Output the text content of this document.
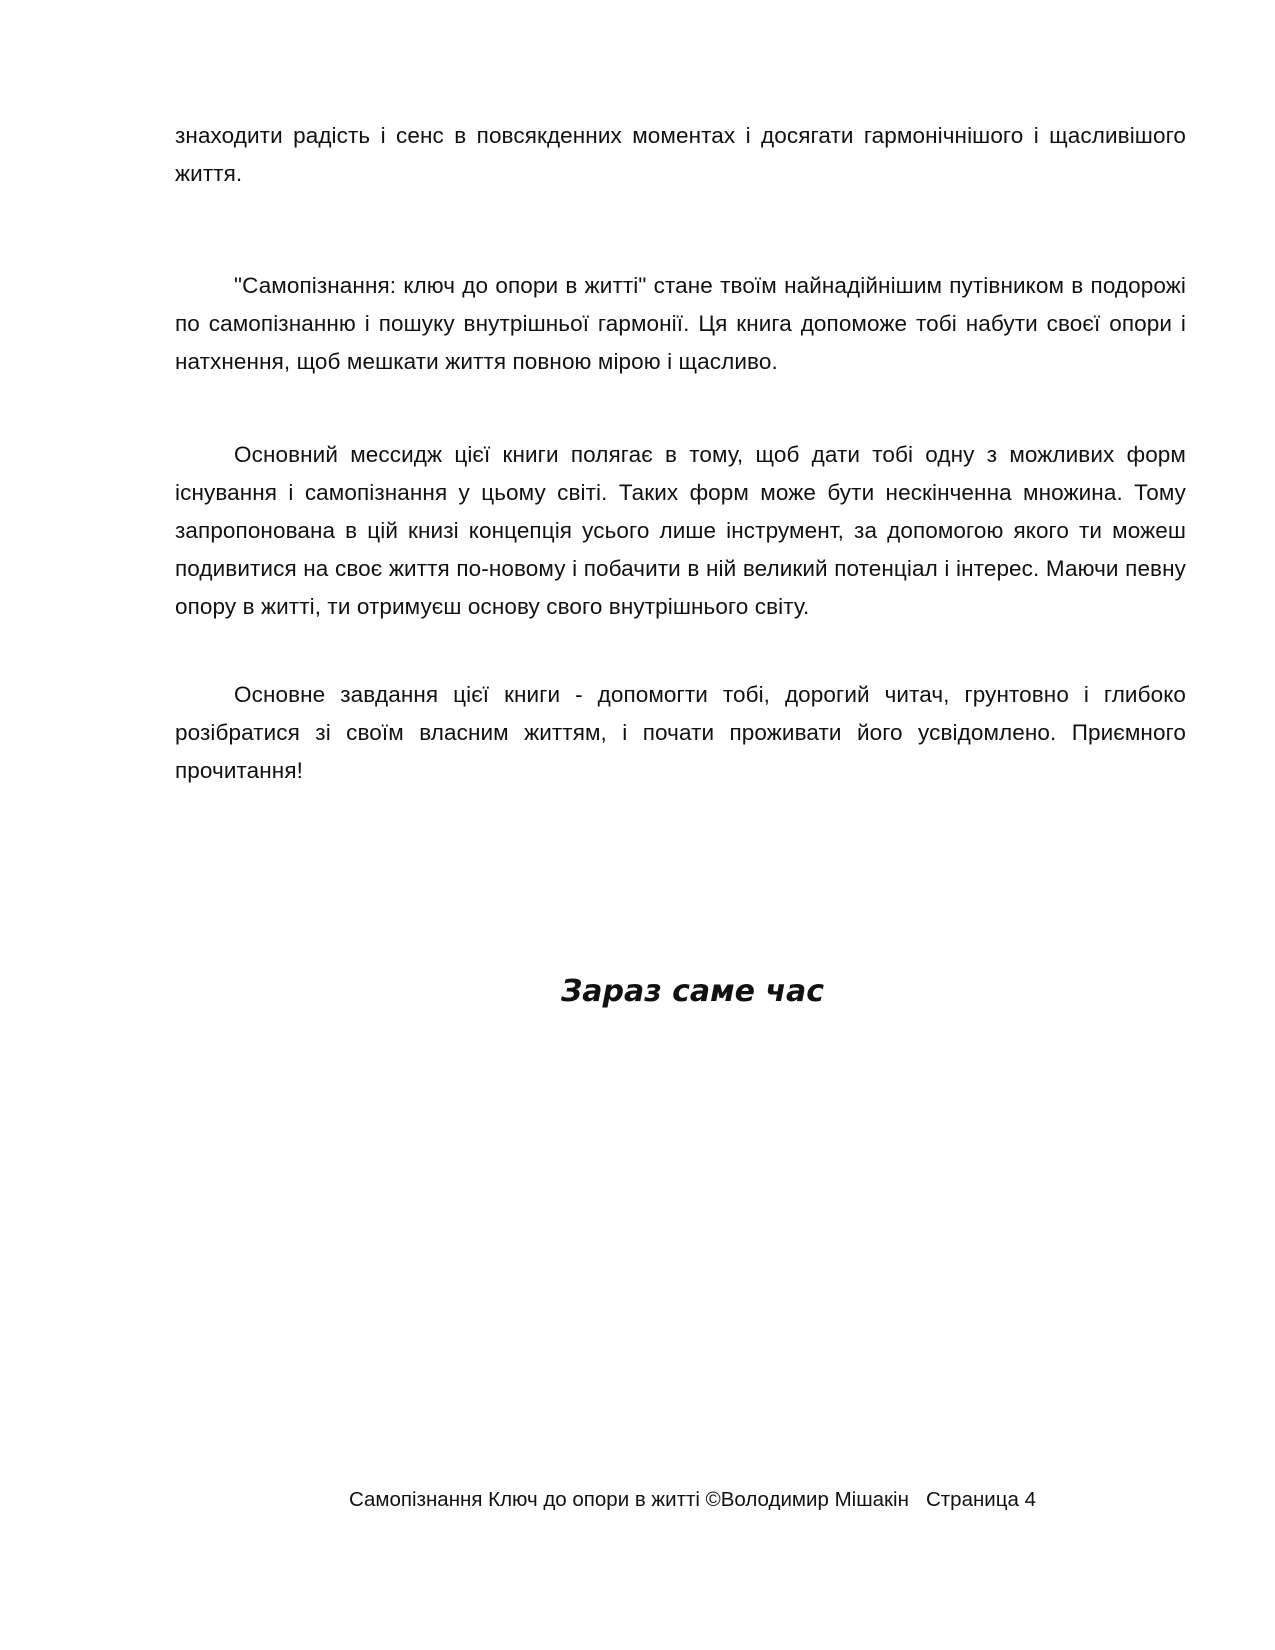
знаходити радість і сенс в повсякденних моментах і досягати гармонічнішого і щасливішого життя.

"Самопізнання: ключ до опори в житті" стане твоїм найнадійнішим путівником в подорожі по самопізнанню і пошуку внутрішньої гармонії. Ця книга допоможе тобі набути своєї опори і натхнення, щоб мешкати життя повною мірою і щасливо.

Основний мессидж цієї книги полягає в тому, щоб дати тобі одну з можливих форм існування і самопізнання у цьому світі. Таких форм може бути нескінченна множина. Тому запропонована в цій книзі концепція усього лише інструмент, за допомогою якого ти можеш подивитися на своє життя по-новому і побачити в ній великий потенціал і інтерес. Маючи певну опору в житті, ти отримуєш основу свого внутрішнього світу.

Основне завдання цієї книги - допомогти тобі, дорогий читач, грунтовно і глибоко розібратися зі своїм власним життям, і почати проживати його усвідомлено. Приємного прочитання!

Зараз саме час
Самопізнання Ключ до опори в житті ©Володимир Мішакін Страница 4
